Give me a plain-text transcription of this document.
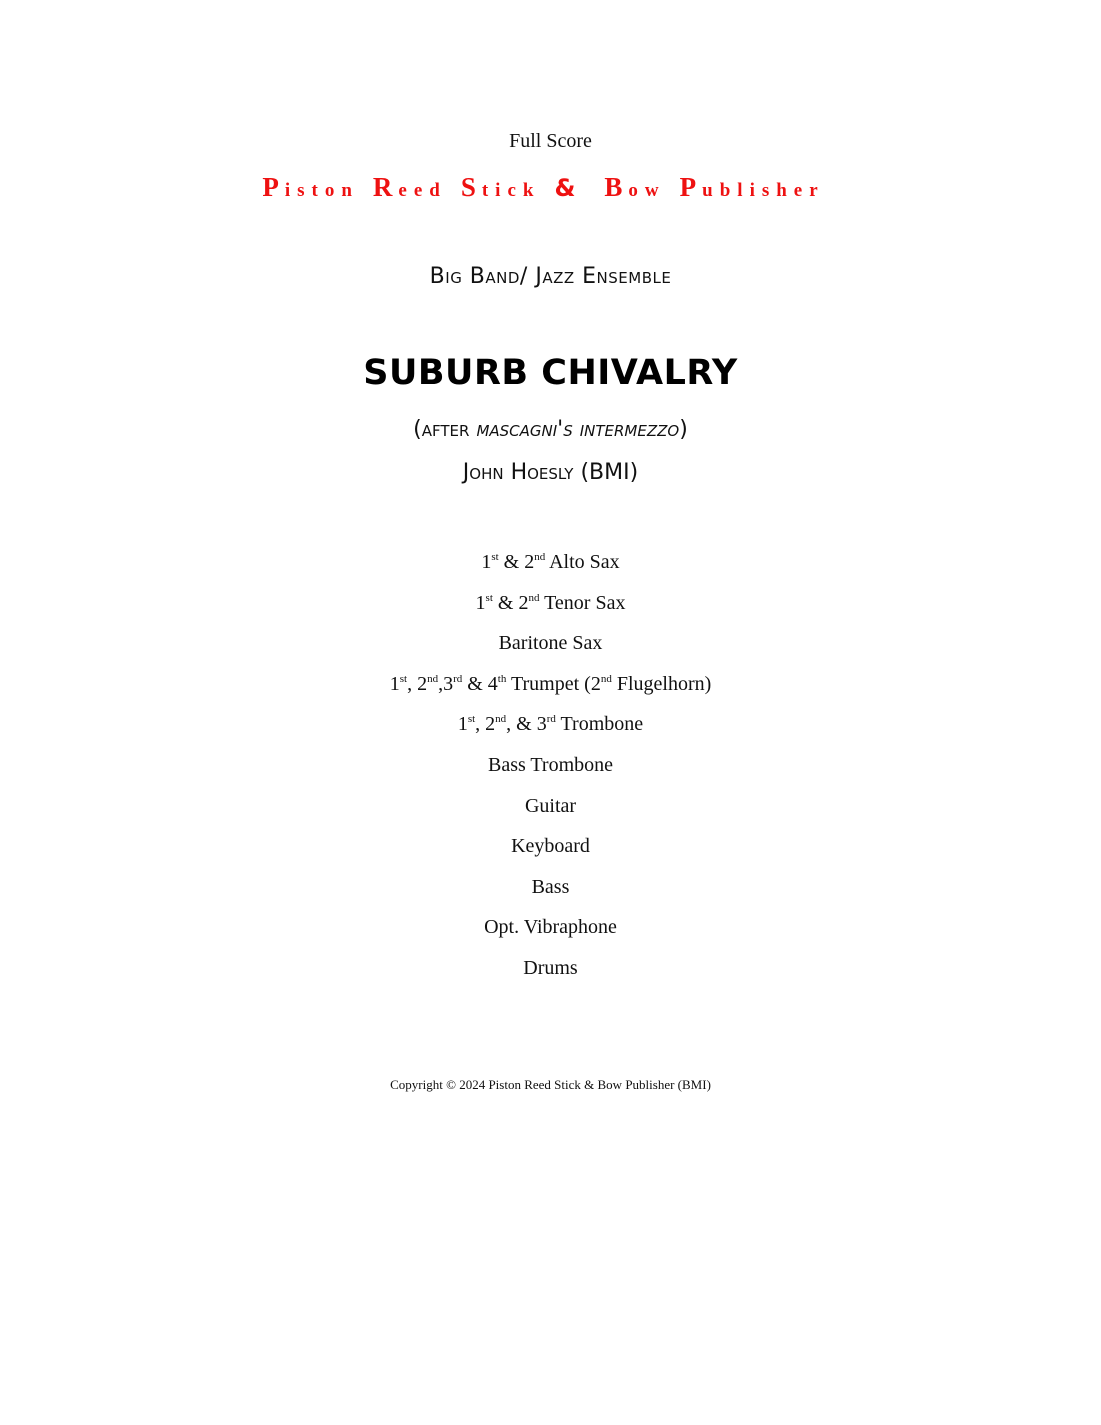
Full Score
Piston Reed Stick & Bow Publisher
Big Band/ Jazz Ensemble
SUBURB CHIVALRY
(after mascagni's intermezzo)
John Hoesly (BMI)
1st & 2nd Alto Sax
1st & 2nd Tenor Sax
Baritone Sax
1st, 2nd,3rd & 4th Trumpet (2nd Flugelhorn)
1st, 2nd, & 3rd Trombone
Bass Trombone
Guitar
Keyboard
Bass
Opt. Vibraphone
Drums
Copyright © 2024 Piston Reed Stick & Bow Publisher (BMI)
